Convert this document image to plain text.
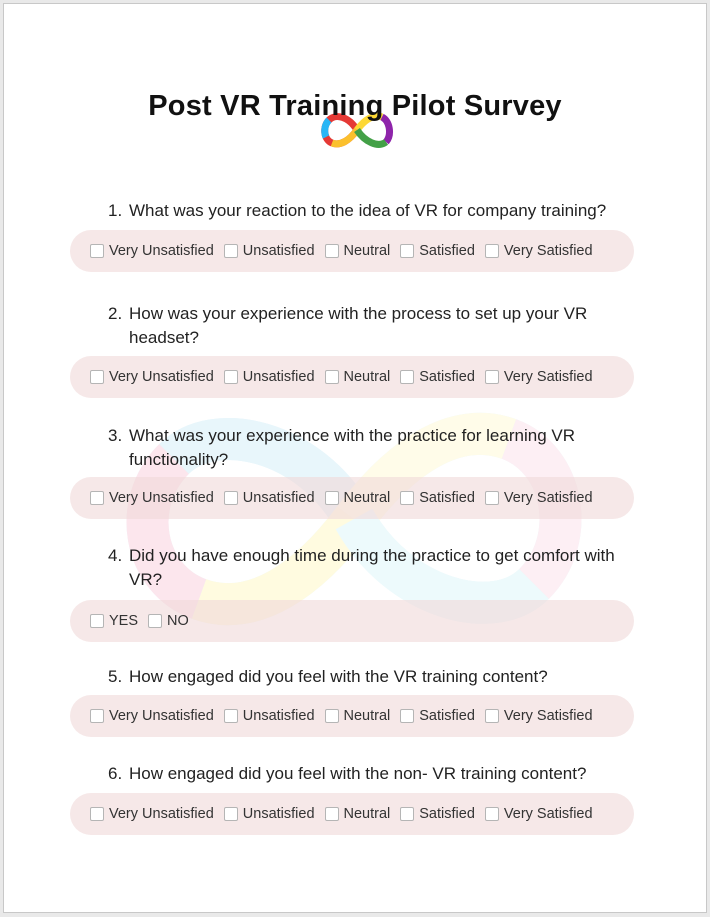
Post VR Training Pilot Survey
1. What was your reaction to the idea of VR for company training?
Very Unsatisfied Unsatisfied Neutral Satisfied Very Satisfied
2. How was your experience with the process to set up your VR headset?
Very Unsatisfied Unsatisfied Neutral Satisfied Very Satisfied
3. What was your experience with the practice for learning VR functionality?
Very Unsatisfied Unsatisfied Neutral Satisfied Very Satisfied
4. Did you have enough time during the practice to get comfort with VR?
YES NO
5. How engaged did you feel with the VR training content?
Very Unsatisfied Unsatisfied Neutral Satisfied Very Satisfied
6. How engaged did you feel with the non- VR training content?
Very Unsatisfied Unsatisfied Neutral Satisfied Very Satisfied
